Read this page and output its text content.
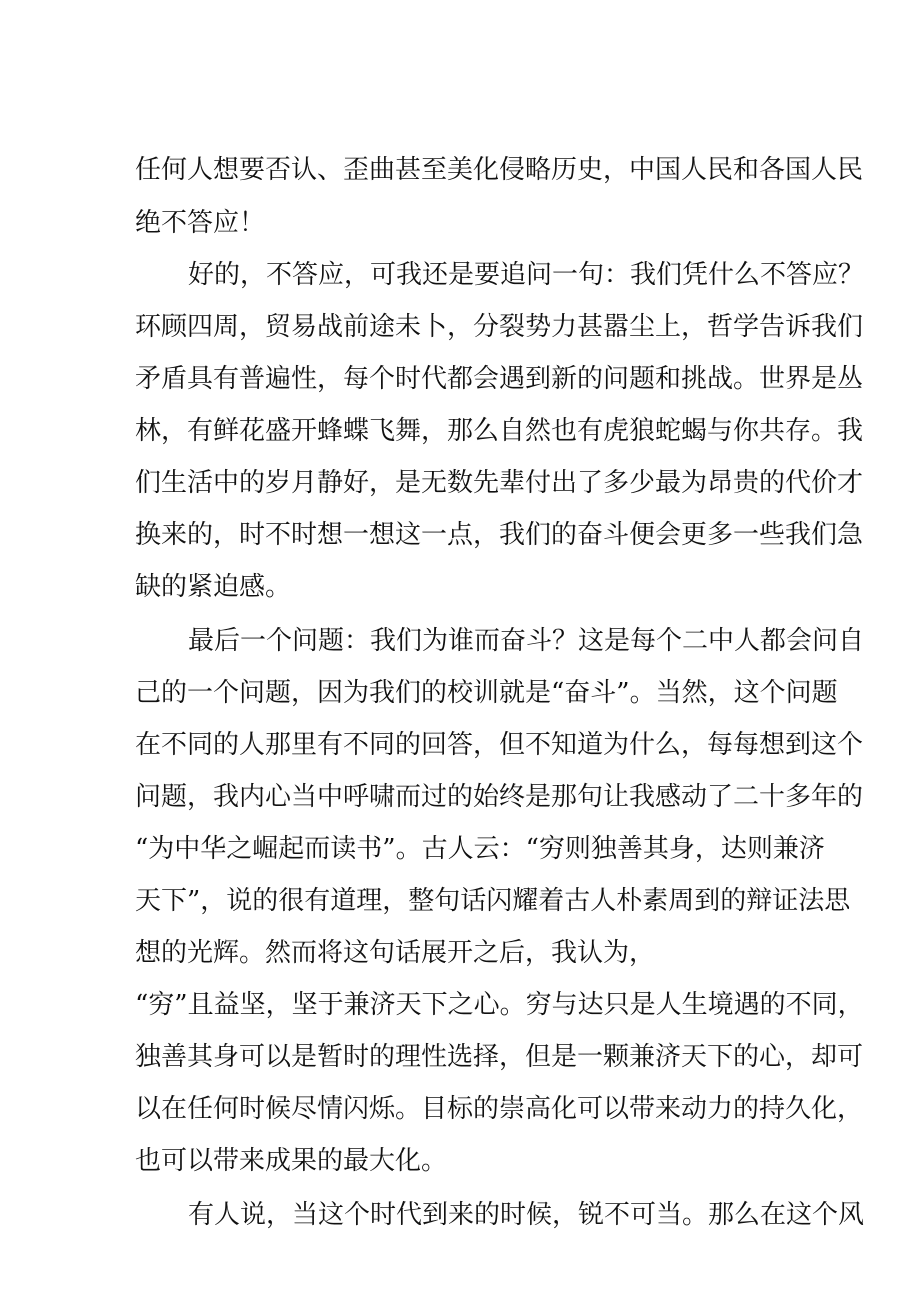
任何人想要否认、歪曲甚至美化侵略历史，中国人民和各国人民
绝不答应！
好的，不答应，可我还是要追问一句：我们凭什么不答应？
环顾四周，贸易战前途未卜，分裂势力甚嚣尘上，哲学告诉我们
矛盾具有普遍性，每个时代都会遇到新的问题和挑战。世界是丛
林，有鲜花盛开蜂蝶飞舞，那么自然也有虎狼蛇蝎与你共存。我
们生活中的岁月静好，是无数先辈付出了多少最为昂贵的代价才
换来的，时不时想一想这一点，我们的奋斗便会更多一些我们急
缺的紧迫感。
最后一个问题：我们为谁而奋斗？这是每个二中人都会问自
己的一个问题，因为我们的校训就是“奋斗”。当然，这个问题
在不同的人那里有不同的回答，但不知道为什么，每每想到这个
问题，我内心当中呼啸而过的始终是那句让我感动了二十多年的
“为中华之崛起而读书”。古人云：“穷则独善其身，达则兼济
天下”，说的很有道理，整句话闪耀着古人朴素周到的辩证法思
想的光辉。然而将这句话展开之后，我认为，
“穷”且益坚，坚于兼济天下之心。穷与达只是人生境遇的不同，
独善其身可以是暂时的理性选择，但是一颗兼济天下的心，却可
以在任何时候尽情闪烁。目标的崇高化可以带来动力的持久化，
也可以带来成果的最大化。
有人说，当这个时代到来的时候，锐不可当。那么在这个风
